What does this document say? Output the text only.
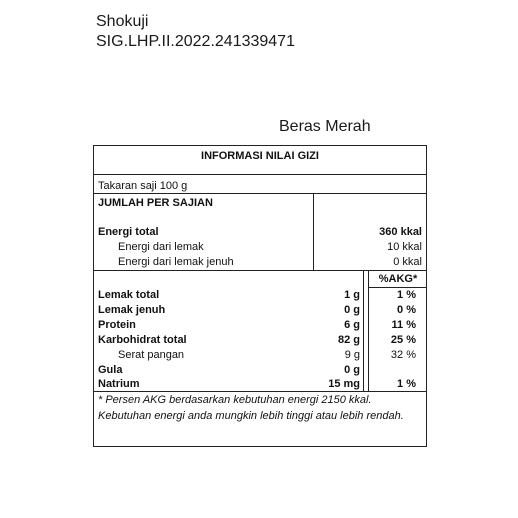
Shokuji
SIG.LHP.II.2022.241339471
Beras Merah
INFORMASI NILAI GIZI
Takaran saji 100 g
JUMLAH PER SAJIAN
Energi total	360 kkal
Energi dari lemak	10 kkal
Energi dari lemak jenuh	0 kkal
%AKG*
Lemak total	1 g	1 %
Lemak jenuh	0 g	0 %
Protein	6 g	11 %
Karbohidrat total	82 g	25 %
Serat pangan	9 g	32 %
Gula	0 g
Natrium	15 mg	1 %
* Persen AKG berdasarkan kebutuhan energi 2150 kkal. Kebutuhan energi anda mungkin lebih tinggi atau lebih rendah.
